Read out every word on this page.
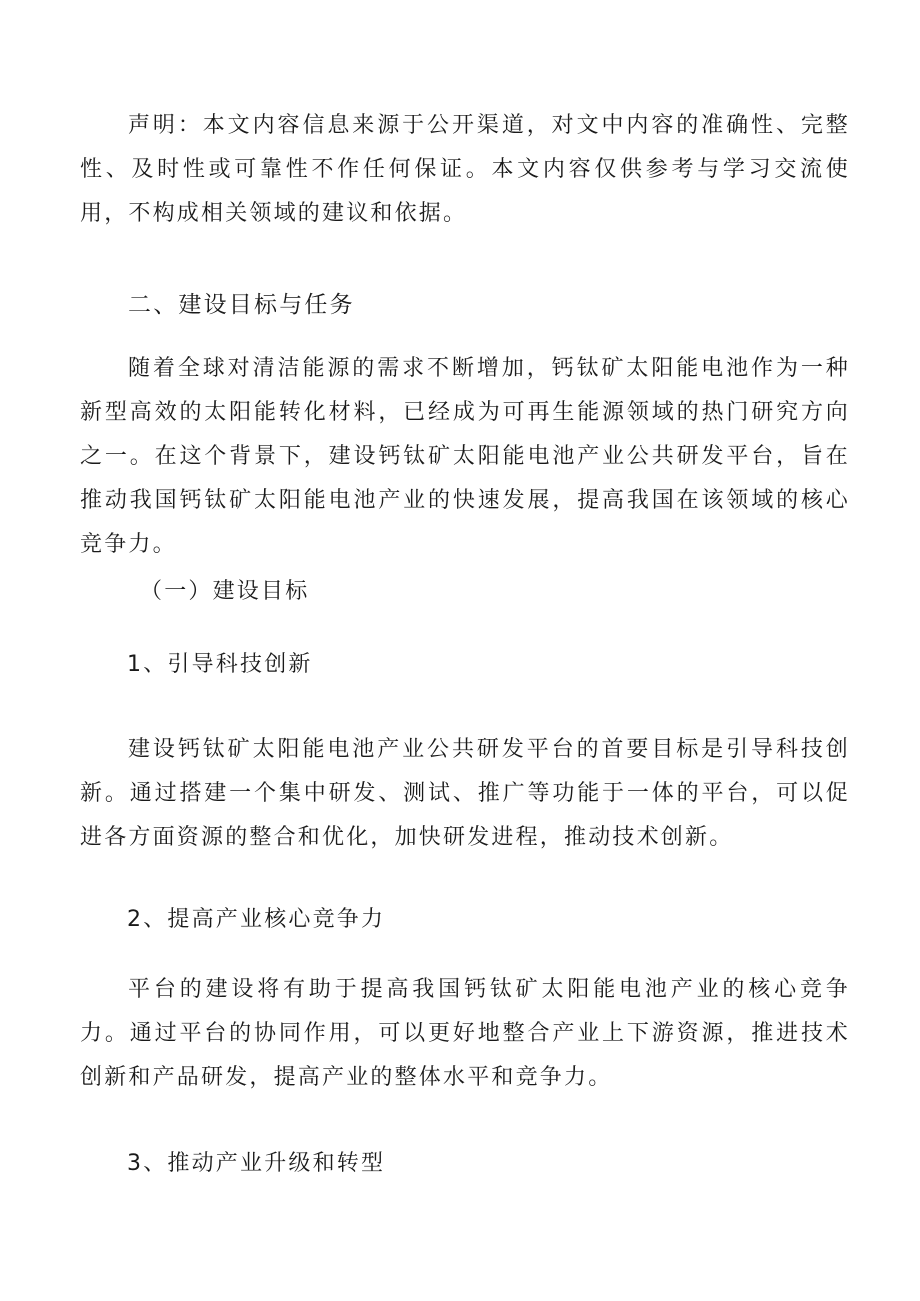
声明：本文内容信息来源于公开渠道，对文中内容的准确性、完整性、及时性或可靠性不作任何保证。本文内容仅供参考与学习交流使用，不构成相关领域的建议和依据。

二、建设目标与任务

随着全球对清洁能源的需求不断增加，钙钛矿太阳能电池作为一种新型高效的太阳能转化材料，已经成为可再生能源领域的热门研究方向之一。在这个背景下，建设钙钛矿太阳能电池产业公共研发平台，旨在推动我国钙钛矿太阳能电池产业的快速发展，提高我国在该领域的核心竞争力。

（一）建设目标

1、引导科技创新

建设钙钛矿太阳能电池产业公共研发平台的首要目标是引导科技创新。通过搭建一个集中研发、测试、推广等功能于一体的平台，可以促进各方面资源的整合和优化，加快研发进程，推动技术创新。

2、提高产业核心竞争力

平台的建设将有助于提高我国钙钛矿太阳能电池产业的核心竞争力。通过平台的协同作用，可以更好地整合产业上下游资源，推进技术创新和产品研发，提高产业的整体水平和竞争力。

3、推动产业升级和转型
